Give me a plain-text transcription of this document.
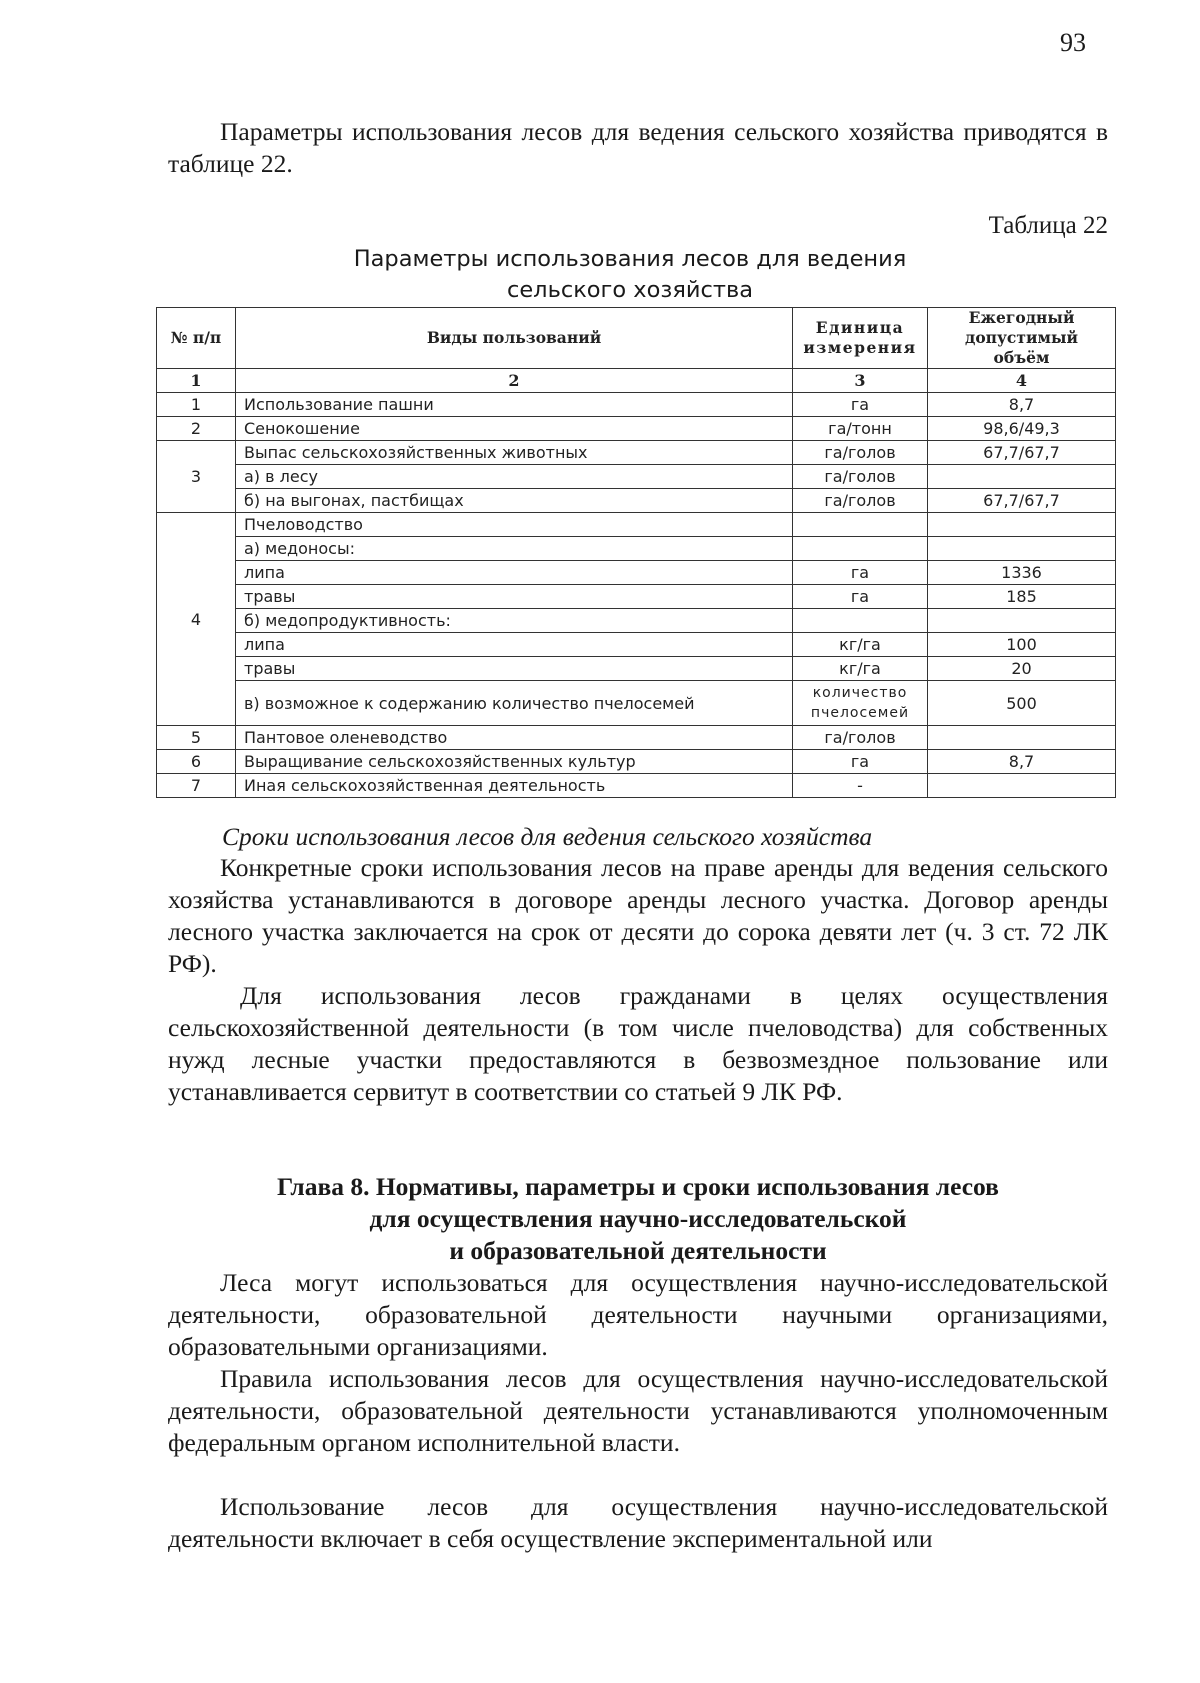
93
Параметры использования лесов для ведения сельского хозяйства приводятся в таблице 22.
Таблица 22
Параметры использования лесов для ведения
сельского хозяйства
№ п/п	Виды пользований	Единица измерения	Ежегодный допустимый объём
1	2	3	4
1	Использование пашни	га	8,7
2	Сенокошение	га/тонн	98,6/49,3
3	Выпас сельскохозяйственных животных	га/голов	67,7/67,7
	а) в лесу	га/голов	
	б) на выгонах, пастбищах	га/голов	67,7/67,7
4	Пчеловодство		
	а) медоносы:		
	липа	га	1336
	травы	га	185
	б) медопродуктивность:		
	липа	кг/га	100
	травы	кг/га	20
	в) возможное к содержанию количество пчелосемей	количество пчелосемей	500
5	Пантовое оленеводство	га/голов	
6	Выращивание сельскохозяйственных культур	га	8,7
7	Иная сельскохозяйственная деятельность	-	
Сроки использования лесов для ведения сельского хозяйства
Конкретные сроки использования лесов на праве аренды для ведения сельского хозяйства устанавливаются в договоре аренды лесного участка. Договор аренды лесного участка заключается на срок от десяти до сорока девяти лет (ч. 3 ст. 72 ЛК РФ).
Для использования лесов гражданами в целях осуществления сельскохозяйственной деятельности (в том числе пчеловодства) для собственных нужд лесные участки предоставляются в безвозмездное пользование или устанавливается сервитут в соответствии со статьей 9 ЛК РФ.
Глава 8. Нормативы, параметры и сроки использования лесов
для осуществления научно-исследовательской
и образовательной деятельности
Леса могут использоваться для осуществления научно-исследовательской деятельности, образовательной деятельности научными организациями, образовательными организациями.
Правила использования лесов для осуществления научно-исследовательской деятельности, образовательной деятельности устанавливаются уполномоченным федеральным органом исполнительной власти.
Использование лесов для осуществления научно-исследовательской деятельности включает в себя осуществление экспериментальной или
